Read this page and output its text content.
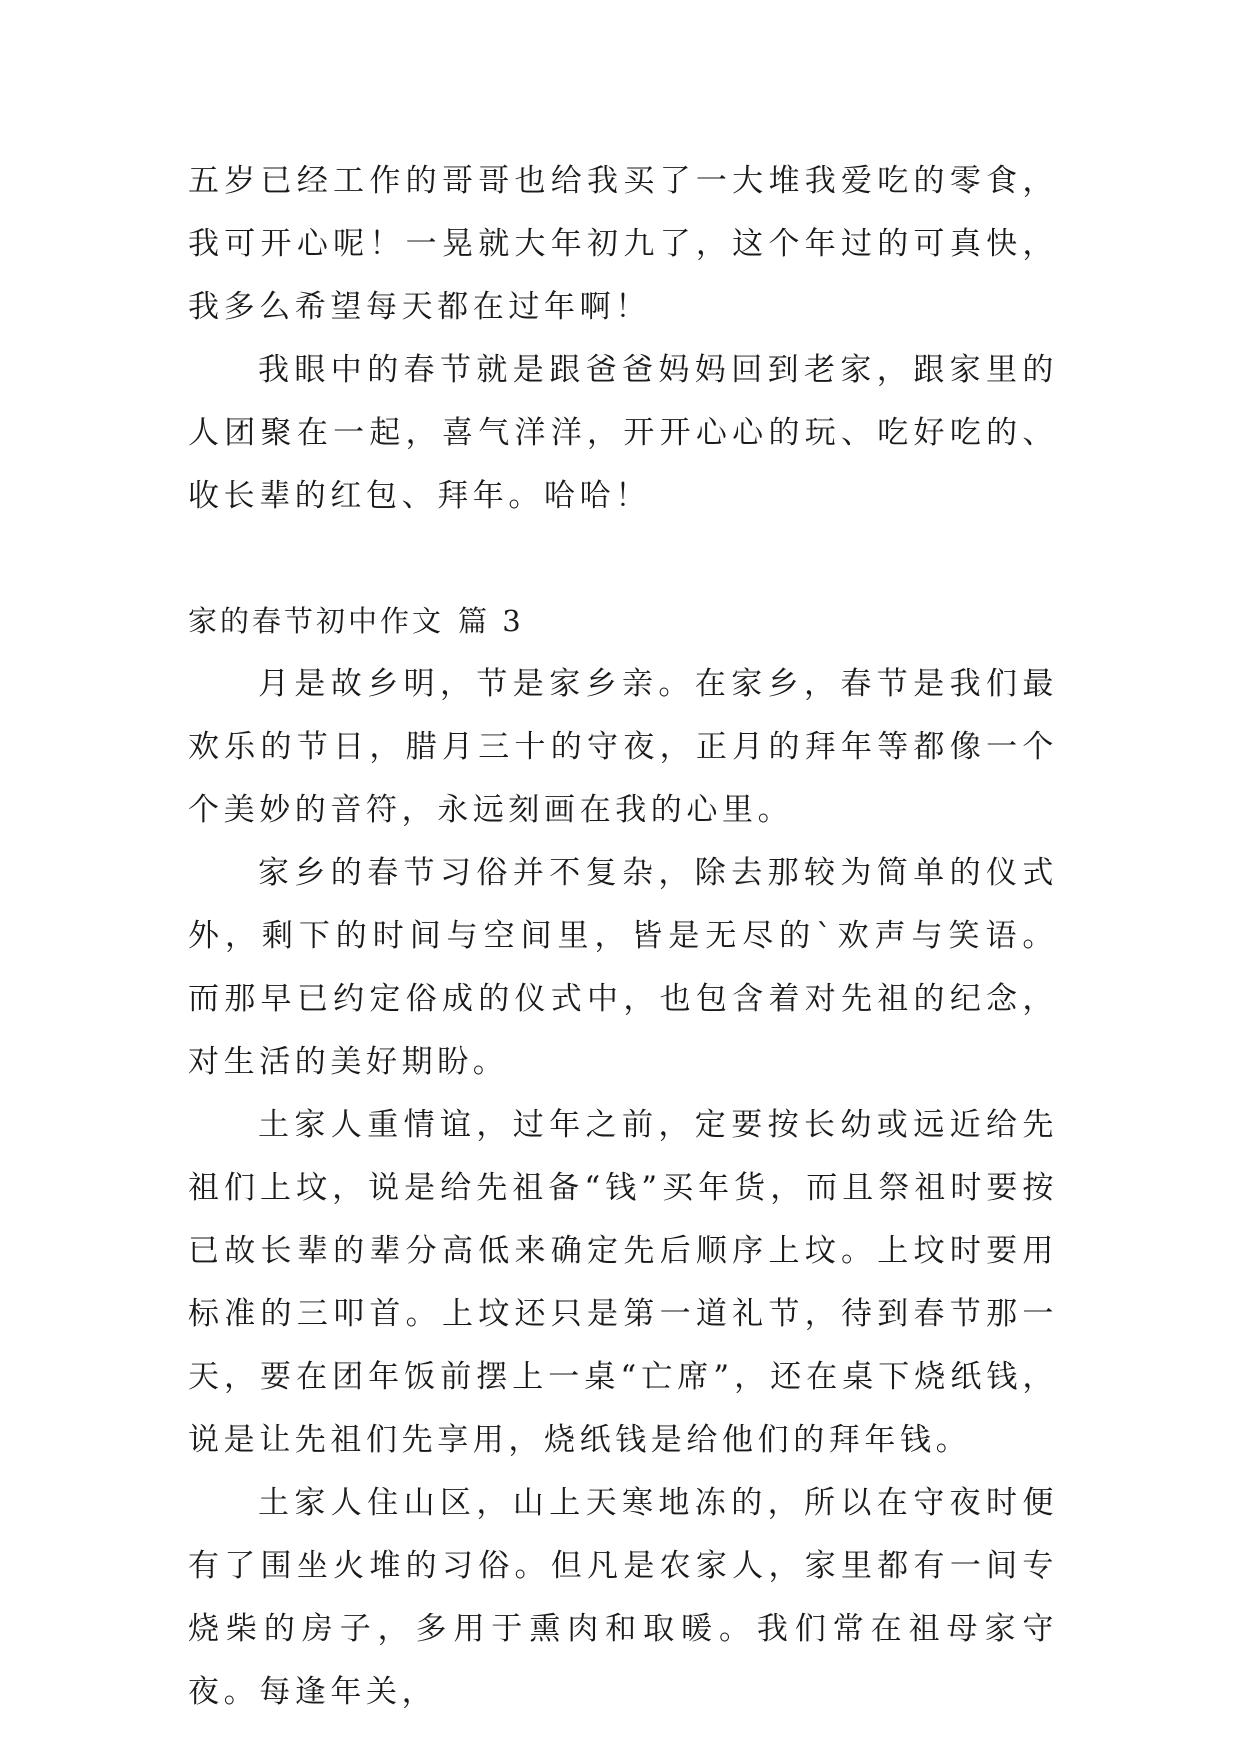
五岁已经工作的哥哥也给我买了一大堆我爱吃的零食，我可开心呢！一晃就大年初九了，这个年过的可真快，我多么希望每天都在过年啊！

我眼中的春节就是跟爸爸妈妈回到老家，跟家里的人团聚在一起，喜气洋洋，开开心心的玩、吃好吃的、收长辈的红包、拜年。哈哈！

家的春节初中作文 篇 3

月是故乡明，节是家乡亲。在家乡，春节是我们最欢乐的节日，腊月三十的守夜，正月的拜年等都像一个个美妙的音符，永远刻画在我的心里。

家乡的春节习俗并不复杂，除去那较为简单的仪式外，剩下的时间与空间里，皆是无尽的`欢声与笑语。而那早已约定俗成的仪式中，也包含着对先祖的纪念，对生活的美好期盼。

土家人重情谊，过年之前，定要按长幼或远近给先祖们上坟，说是给先祖备“钱”买年货，而且祭祖时要按已故长辈的辈分高低来确定先后顺序上坟。上坟时要用标准的三叩首。上坟还只是第一道礼节，待到春节那一天，要在团年饭前摆上一桌“亡席”，还在桌下烧纸钱，说是让先祖们先享用，烧纸钱是给他们的拜年钱。

土家人住山区，山上天寒地冻的，所以在守夜时便有了围坐火堆的习俗。但凡是农家人，家里都有一间专烧柴的房子，多用于熏肉和取暖。我们常在祖母家守夜。每逢年关，
